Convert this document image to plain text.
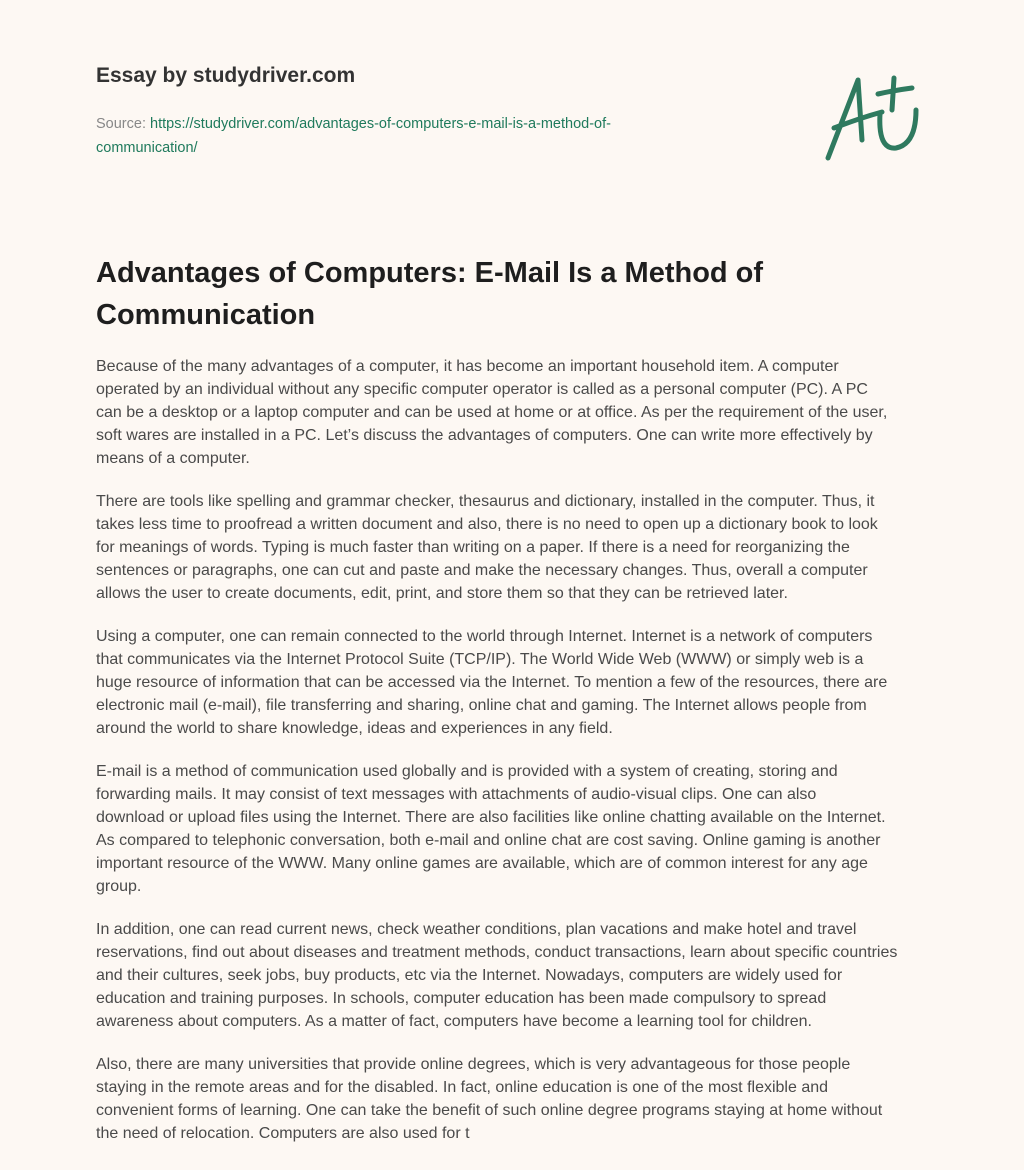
Essay by studydriver.com
Source: https://studydriver.com/advantages-of-computers-e-mail-is-a-method-of-
communication/
Advantages of Computers: E-Mail Is a Method of
Communication

Because of the many advantages of a computer, it has become an important household item. A computer
operated by an individual without any specific computer operator is called as a personal computer (PC). A PC
can be a desktop or a laptop computer and can be used at home or at office. As per the requirement of the user,
soft wares are installed in a PC. Let’s discuss the advantages of computers. One can write more effectively by
means of a computer.

There are tools like spelling and grammar checker, thesaurus and dictionary, installed in the computer. Thus, it
takes less time to proofread a written document and also, there is no need to open up a dictionary book to look
for meanings of words. Typing is much faster than writing on a paper. If there is a need for reorganizing the
sentences or paragraphs, one can cut and paste and make the necessary changes. Thus, overall a computer
allows the user to create documents, edit, print, and store them so that they can be retrieved later.

Using a computer, one can remain connected to the world through Internet. Internet is a network of computers
that communicates via the Internet Protocol Suite (TCP/IP). The World Wide Web (WWW) or simply web is a
huge resource of information that can be accessed via the Internet. To mention a few of the resources, there are
electronic mail (e-mail), file transferring and sharing, online chat and gaming. The Internet allows people from
around the world to share knowledge, ideas and experiences in any field.

E-mail is a method of communication used globally and is provided with a system of creating, storing and
forwarding mails. It may consist of text messages with attachments of audio-visual clips. One can also
download or upload files using the Internet. There are also facilities like online chatting available on the Internet.
As compared to telephonic conversation, both e-mail and online chat are cost saving. Online gaming is another
important resource of the WWW. Many online games are available, which are of common interest for any age
group.

In addition, one can read current news, check weather conditions, plan vacations and make hotel and travel
reservations, find out about diseases and treatment methods, conduct transactions, learn about specific countries
and their cultures, seek jobs, buy products, etc via the Internet. Nowadays, computers are widely used for
education and training purposes. In schools, computer education has been made compulsory to spread
awareness about computers. As a matter of fact, computers have become a learning tool for children.

Also, there are many universities that provide online degrees, which is very advantageous for those people
staying in the remote areas and for the disabled. In fact, online education is one of the most flexible and
convenient forms of learning. One can take the benefit of such online degree programs staying at home without
the need of relocation. Computers are also used for t
